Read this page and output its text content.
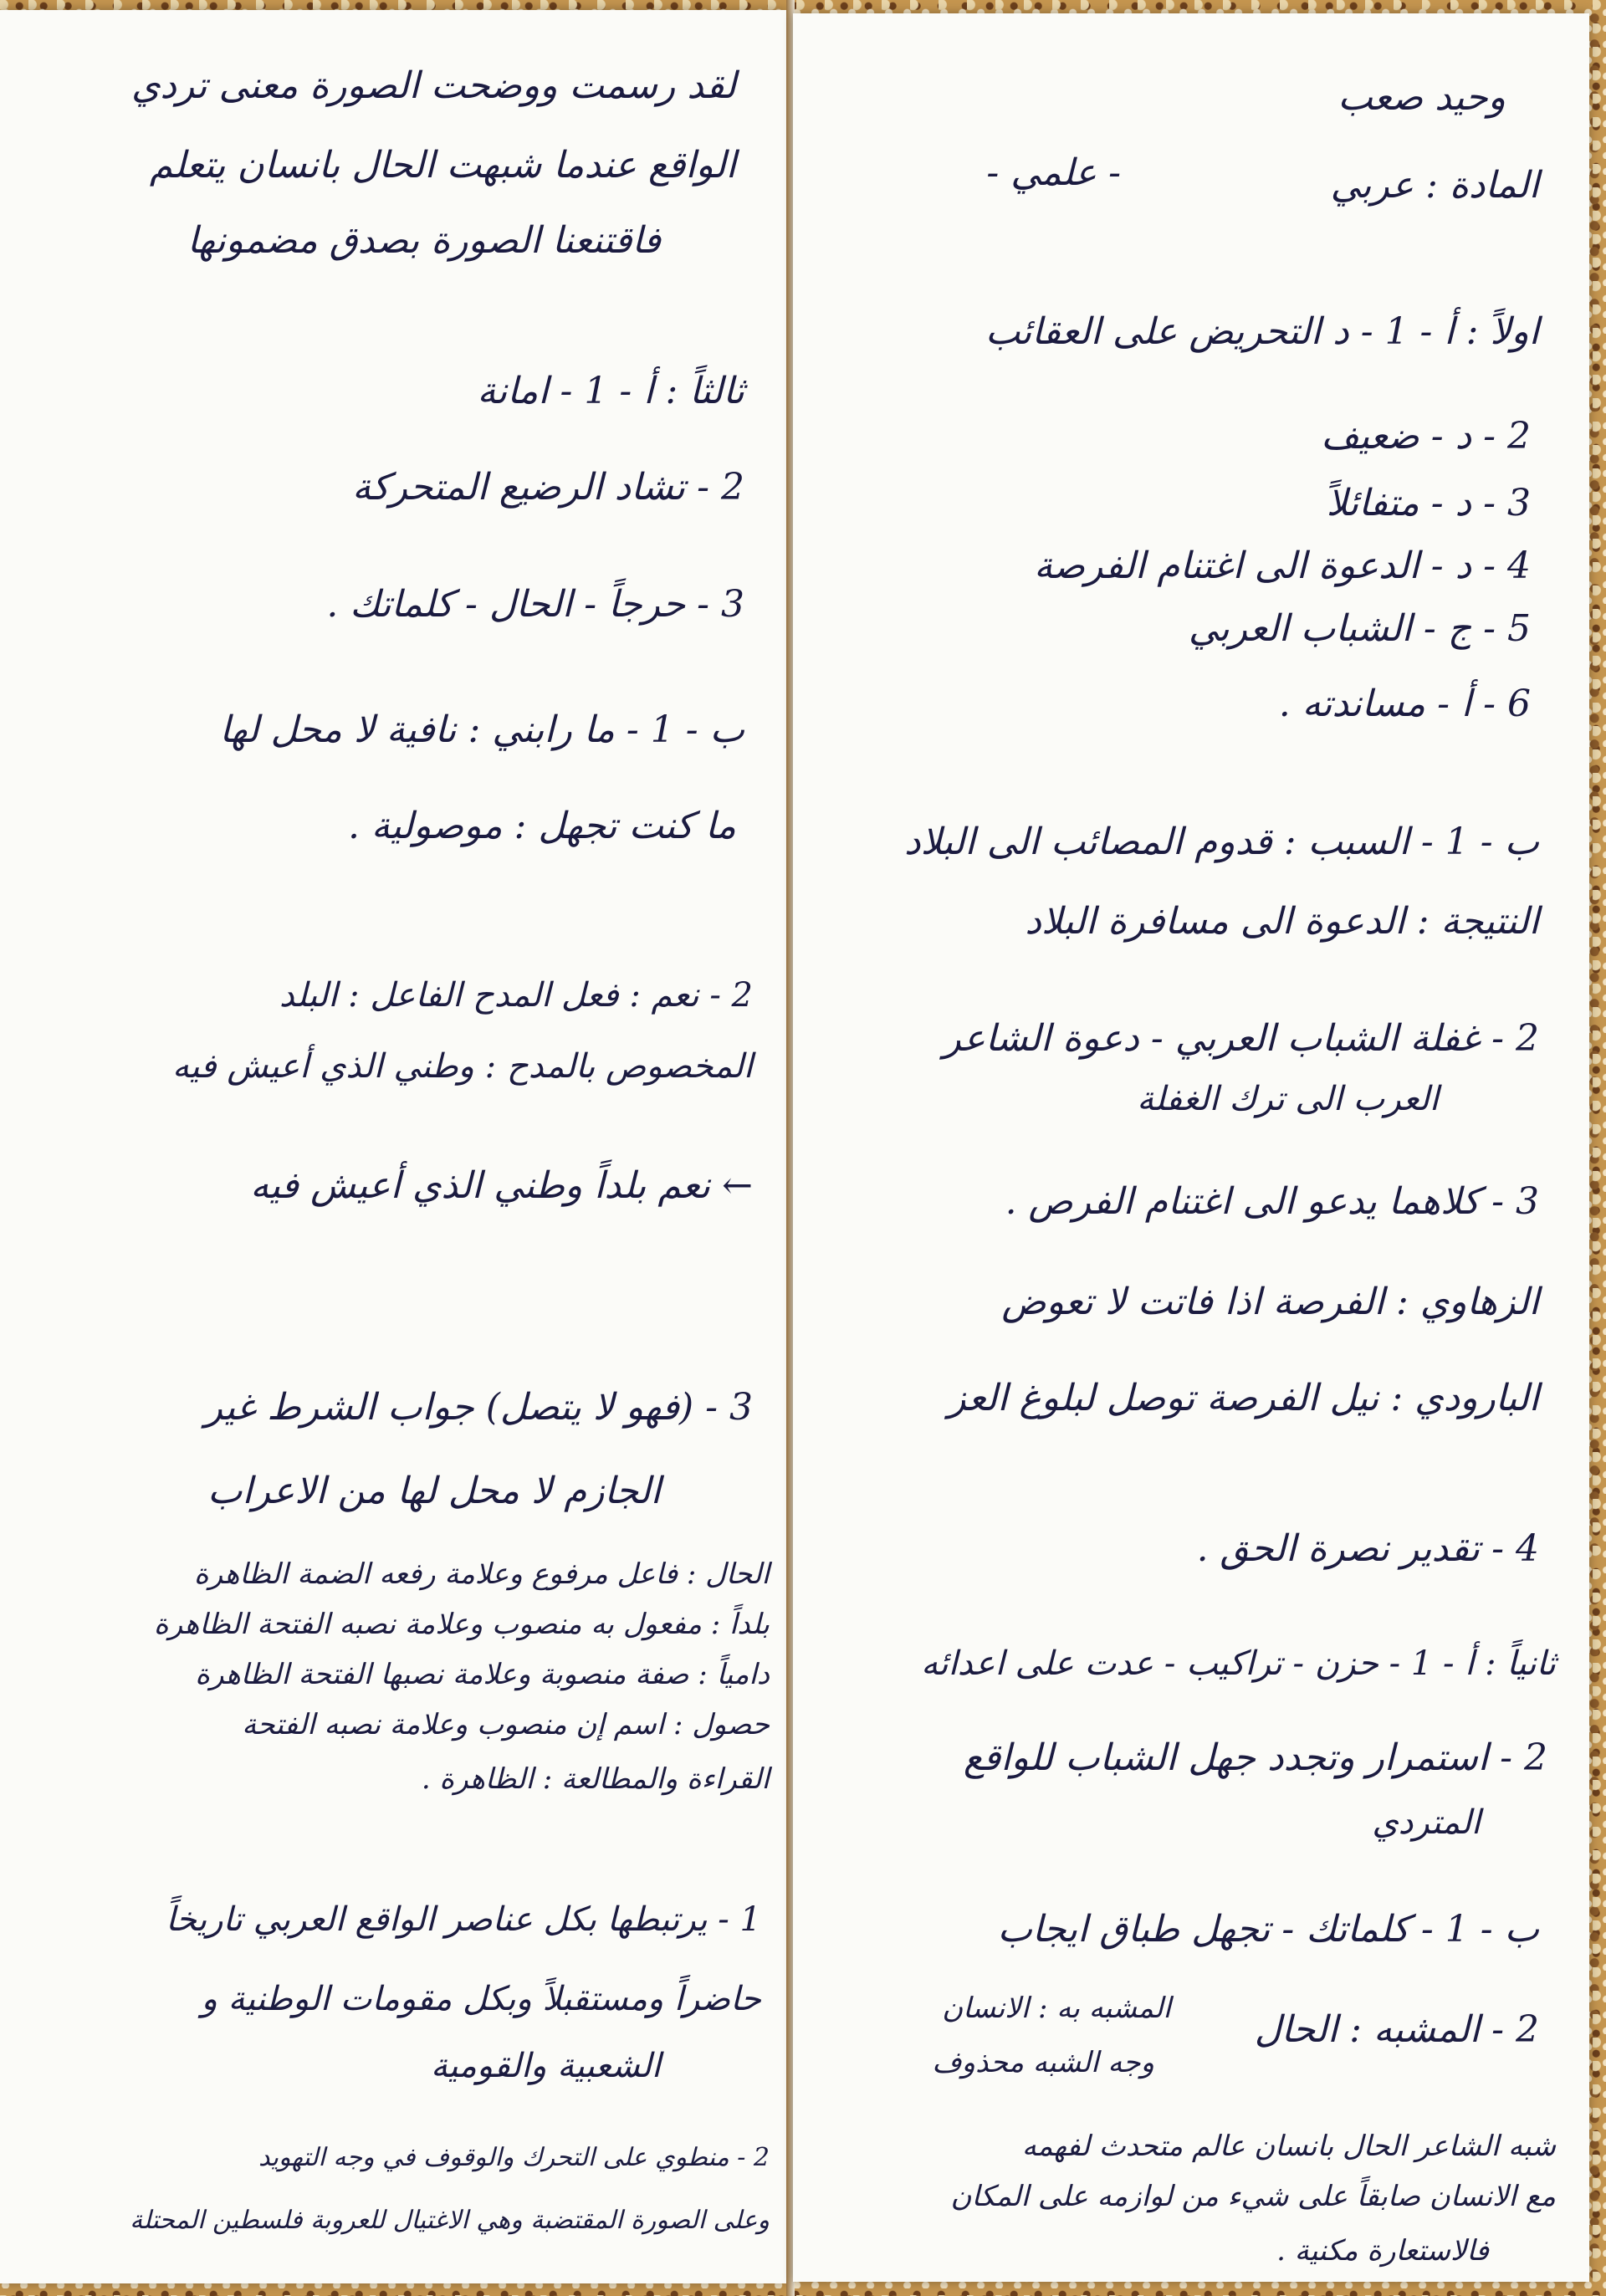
لقد رسمت ووضحت الصورة معنى تردي
الواقع عندما شبهت الحال بانسان يتعلم
فاقتنعنا الصورة بصدق مضمونها
ثالثاً : أ - 1 - امانة
2 - تشاد الرضيع المتحركة
3 - حرجاً - الحال - كلماتك .
ب - 1 - ما رابني : نافية لا محل لها
ما كنت تجهل : موصولية .
2 - نعم : فعل المدح الفاعل : البلد
المخصوص بالمدح : وطني الذي أعيش فيه
← نعم بلداً وطني الذي أعيش فيه
3 - (فهو لا يتصل) جواب الشرط غير
الجازم لا محل لها من الاعراب
الحال : فاعل مرفوع وعلامة رفعه الضمة الظاهرة
بلداً : مفعول به منصوب وعلامة نصبه الفتحة الظاهرة
دامياً : صفة منصوبة وعلامة نصبها الفتحة الظاهرة
حصول : اسم إن منصوب وعلامة نصبه الفتحة
القراءة والمطالعة : الظاهرة .
1 - يرتبطها بكل عناصر الواقع العربي تاريخاً
حاضراً ومستقبلاً وبكل مقومات الوطنية و
الشعبية والقومية
2 - منطوي على التحرك والوقوف في وجه التهويد
وعلى الصورة المقتضبة وهي الاغتيال للعروبة فلسطين المحتلة
وحيد صعب
المادة : عربي
- علمي -
اولاً : أ - 1 - د التحريض على العقائب
2 - د - ضعيف
3 - د - متفائلاً
4 - د - الدعوة الى اغتنام الفرصة
5 - ج - الشباب العربي
6 - أ - مساندته .
ب - 1 - السبب : قدوم المصائب الى البلاد
النتيجة : الدعوة الى مسافرة البلاد
2 - غفلة الشباب العربي - دعوة الشاعر
العرب الى ترك الغفلة
3 - كلاهما يدعو الى اغتنام الفرص .
الزهاوي : الفرصة اذا فاتت لا تعوض
البارودي : نيل الفرصة توصل لبلوغ العز
4 - تقدير نصرة الحق .
ثانياً : أ - 1 - حزن - تراكيب - عدت على اعدائه
2 - استمرار وتجدد جهل الشباب للواقع
المتردي
ب - 1 - كلماتك - تجهل طباق ايجاب
2 - المشبه : الحال
المشبه به : الانسان
وجه الشبه محذوف
شبه الشاعر الحال بانسان عالم متحدث لفهمه
مع الانسان صابقاً على شيء من لوازمه على المكان
فالاستعارة مكنية .
